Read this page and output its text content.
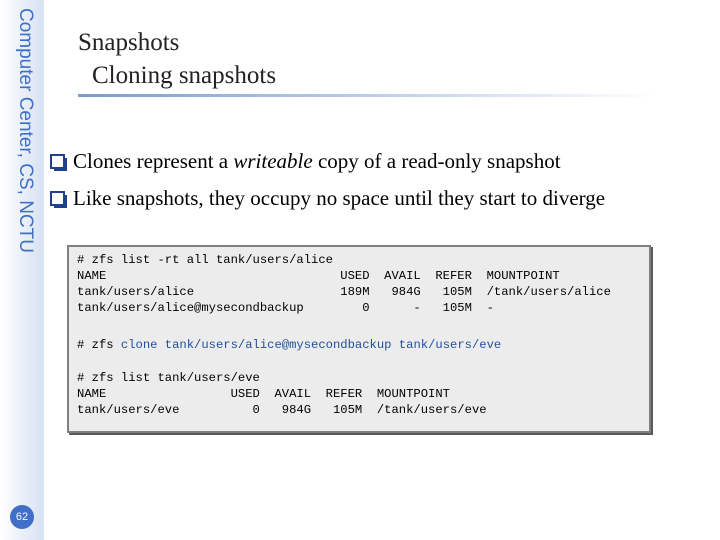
Computer Center, CS, NCTU
62
Snapshots
Cloning snapshots
Clones represent a writeable copy of a read-only snapshot
Like snapshots, they occupy no space until they start to diverge
# zfs list -rt all tank/users/alice
NAME                                USED  AVAIL  REFER  MOUNTPOINT
tank/users/alice                    189M   984G   105M  /tank/users/alice
tank/users/alice@mysecondbackup        0      -   105M  -
# zfs clone tank/users/alice@mysecondbackup tank/users/eve
# zfs list tank/users/eve
NAME                 USED  AVAIL  REFER  MOUNTPOINT
tank/users/eve          0   984G   105M  /tank/users/eve
